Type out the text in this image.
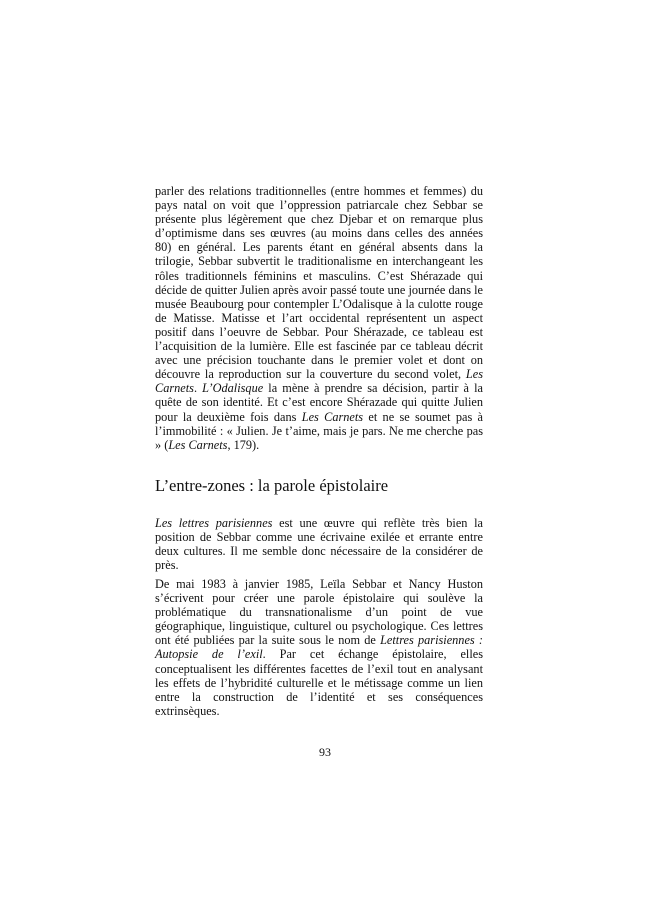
parler des relations traditionnelles (entre hommes et femmes) du pays natal on voit que l’oppression patriarcale chez Sebbar se présente plus légèrement que chez Djebar et on remarque plus d’optimisme dans ses œuvres (au moins dans celles des années 80) en général. Les parents étant en général absents dans la trilogie, Sebbar subvertit le traditionalisme en interchangeant les rôles traditionnels féminins et masculins. C’est Shérazade qui décide de quitter Julien après avoir passé toute une journée dans le musée Beaubourg pour contempler L’Odalisque à la culotte rouge de Matisse. Matisse et l’art occidental représentent un aspect positif dans l’oeuvre de Sebbar. Pour Shérazade, ce tableau est l’acquisition de la lumière. Elle est fascinée par ce tableau décrit avec une précision touchante dans le premier volet et dont on découvre la reproduction sur la couverture du second volet, Les Carnets. L’Odalisque la mène à prendre sa décision, partir à la quête de son identité. Et c’est encore Shérazade qui quitte Julien pour la deuxième fois dans Les Carnets et ne se soumet pas à l’immobilité : « Julien. Je t’aime, mais je pars. Ne me cherche pas » (Les Carnets, 179).

L’entre-zones : la parole épistolaire

Les lettres parisiennes est une œuvre qui reflète très bien la position de Sebbar comme une écrivaine exilée et errante entre deux cultures. Il me semble donc nécessaire de la considérer de près.

De mai 1983 à janvier 1985, Leïla Sebbar et Nancy Huston s’écrivent pour créer une parole épistolaire qui soulève la problématique du transnationalisme d’un point de vue géographique, linguistique, culturel ou psychologique. Ces lettres ont été publiées par la suite sous le nom de Lettres parisiennes : Autopsie de l’exil. Par cet échange épistolaire, elles conceptualisent les différentes facettes de l’exil tout en analysant les effets de l’hybridité culturelle et le métissage comme un lien entre la construction de l’identité et ses conséquences extrinsèques.

93
